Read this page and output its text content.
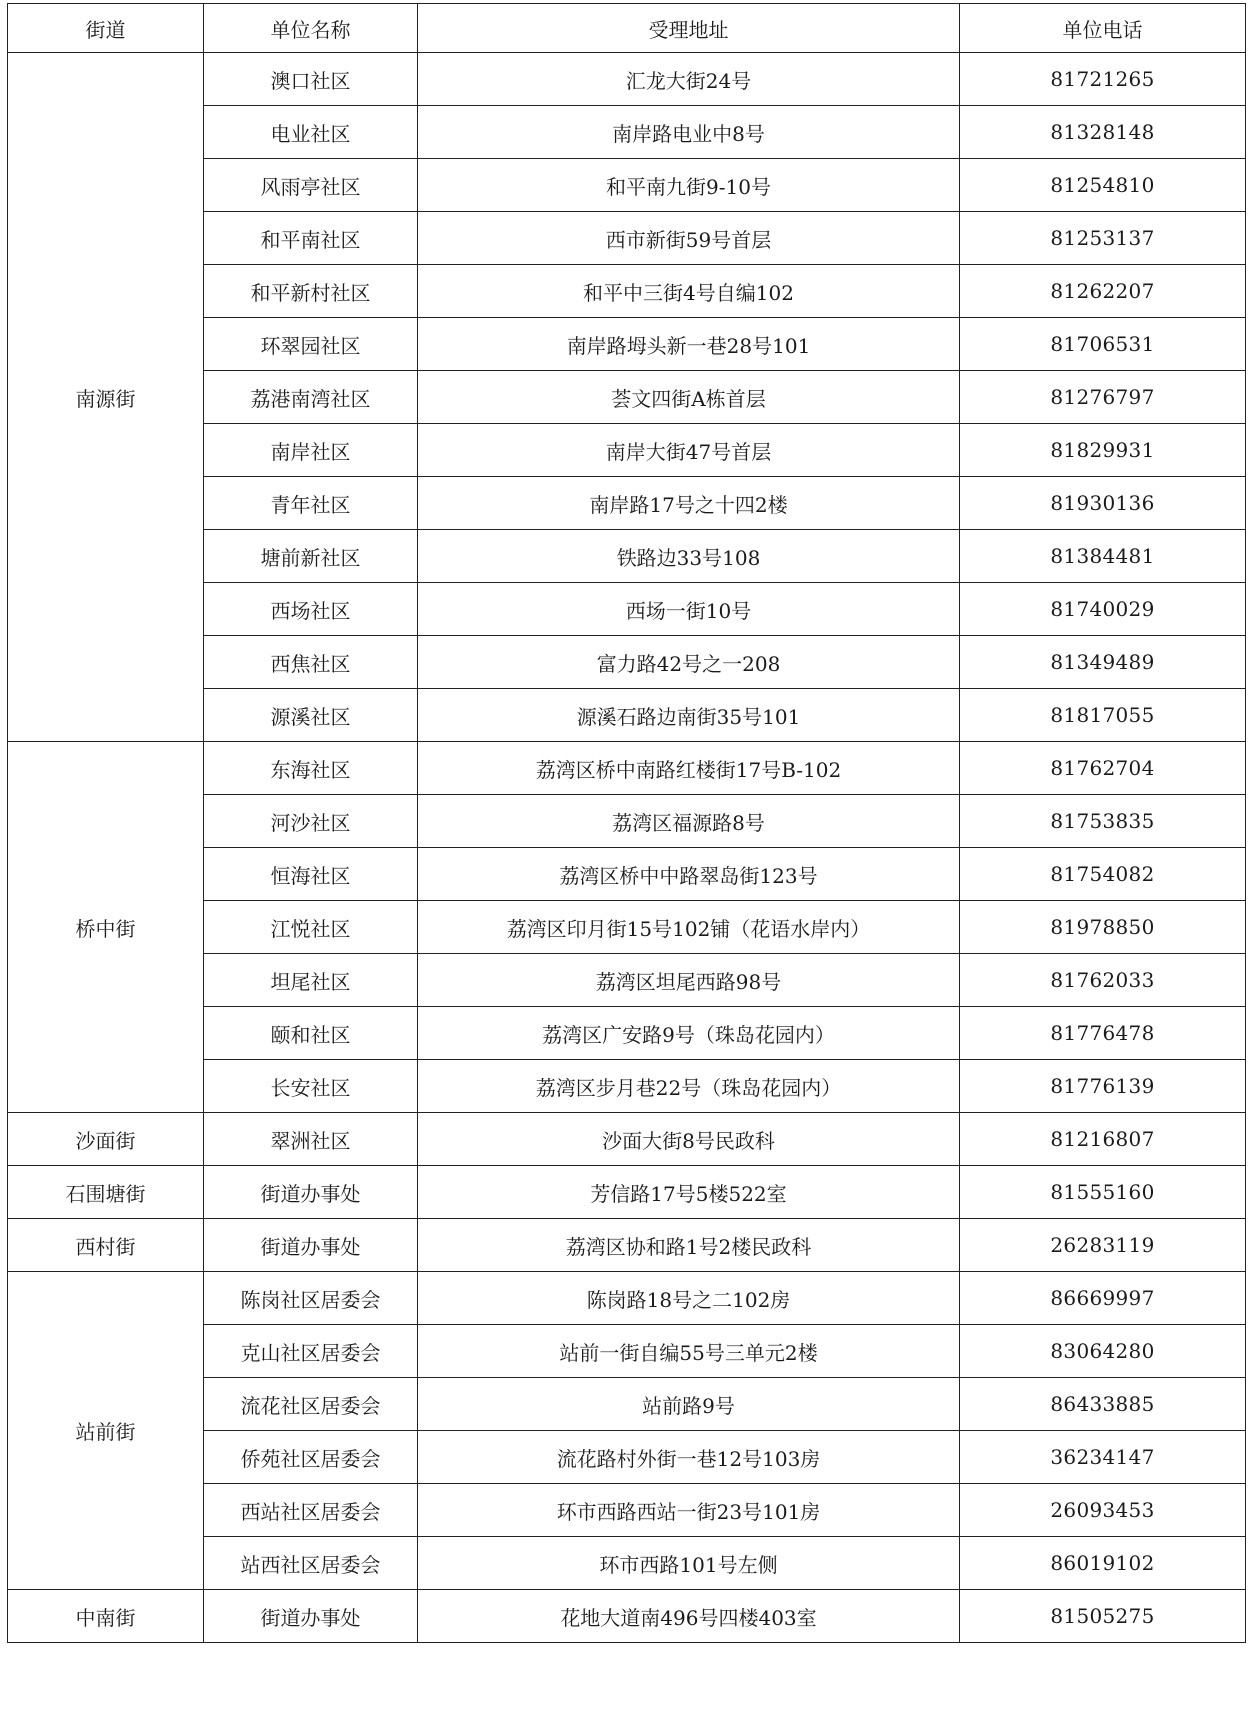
街道	单位名称	受理地址	单位电话
南源街	澳口社区	汇龙大街24号	81721265
	电业社区	南岸路电业中8号	81328148
	风雨亭社区	和平南九街9-10号	81254810
	和平南社区	西市新街59号首层	81253137
	和平新村社区	和平中三街4号自编102	81262207
	环翠园社区	南岸路坶头新一巷28号101	81706531
	荔港南湾社区	荟文四街A栋首层	81276797
	南岸社区	南岸大街47号首层	81829931
	青年社区	南岸路17号之十四2楼	81930136
	塘前新社区	铁路边33号108	81384481
	西场社区	西场一街10号	81740029
	西焦社区	富力路42号之一208	81349489
	源溪社区	源溪石路边南街35号101	81817055
桥中街	东海社区	荔湾区桥中南路红楼街17号B-102	81762704
	河沙社区	荔湾区福源路8号	81753835
	恒海社区	荔湾区桥中中路翠岛街123号	81754082
	江悦社区	荔湾区印月街15号102铺（花语水岸内）	81978850
	坦尾社区	荔湾区坦尾西路98号	81762033
	颐和社区	荔湾区广安路9号（珠岛花园内）	81776478
	长安社区	荔湾区步月巷22号（珠岛花园内）	81776139
沙面街	翠洲社区	沙面大街8号民政科	81216807
石围塘街	街道办事处	芳信路17号5楼522室	81555160
西村街	街道办事处	荔湾区协和路1号2楼民政科	26283119
站前街	陈岗社区居委会	陈岗路18号之二102房	86669997
	克山社区居委会	站前一街自编55号三单元2楼	83064280
	流花社区居委会	站前路9号	86433885
	侨苑社区居委会	流花路村外街一巷12号103房	36234147
	西站社区居委会	环市西路西站一街23号101房	26093453
	站西社区居委会	环市西路101号左侧	86019102
中南街	街道办事处	花地大道南496号四楼403室	81505275
